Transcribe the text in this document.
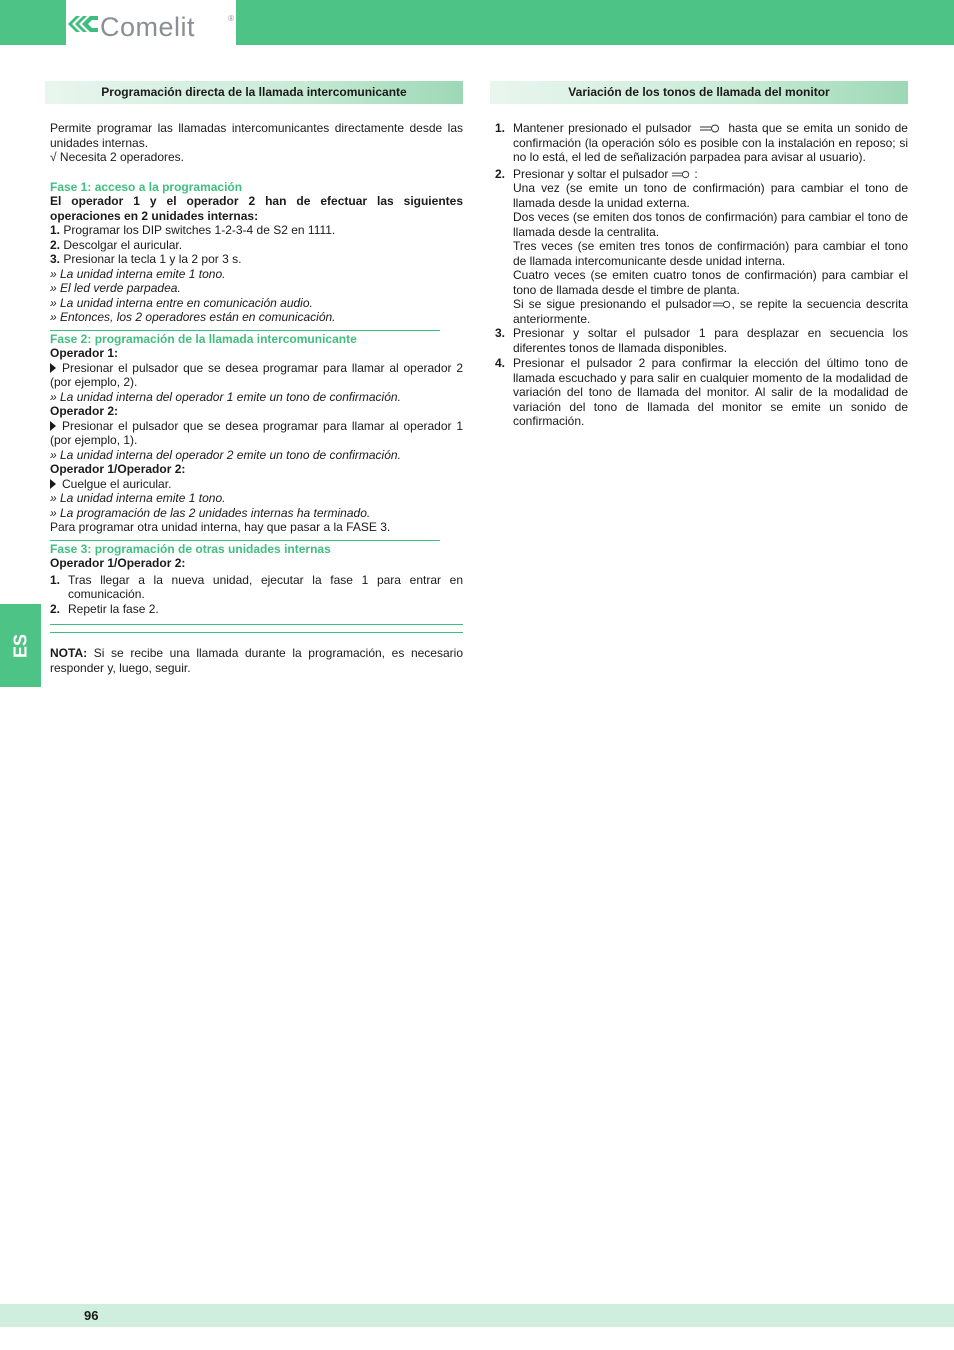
Comelit	®
Programación directa de la llamada intercomunicante	Variación de los tonos de llamada del monitor

Permite programar las llamadas intercomunicantes directamente desde las unidades internas.

√ Necesita 2 operadores.

Fase 1: acceso a la programación

El operador 1 y el operador 2 han de efectuar las siguientes operaciones en 2 unidades internas:

1. Programar los DIP switches 1-2-3-4 de S2 en 1111.

2. Descolgar el auricular.

3. Presionar la tecla 1 y la 2 por 3 s.

» La unidad interna emite 1 tono.

» El led verde parpadea.

» La unidad interna entre en comunicación audio.

» Entonces, los 2 operadores están en comunicación.

Fase 2: programación de la llamada intercomunicante

Operador 1:

Presionar el pulsador que se desea programar para llamar al operador 2 (por ejemplo, 2).

» La unidad interna del operador 1 emite un tono de confirmación.

Operador 2:

Presionar el pulsador que se desea programar para llamar al operador 1 (por ejemplo, 1).

» La unidad interna del operador 2 emite un tono de confirmación.

Operador 1/Operador 2:

Cuelgue el auricular.

» La unidad interna emite 1 tono.

» La programación de las 2 unidades internas ha terminado.

Para programar otra unidad interna, hay que pasar a la FASE 3.

Fase 3: programación de otras unidades internas

Operador 1/Operador 2:

1. Tras llegar a la nueva unidad, ejecutar la fase 1 para entrar en comunicación.
2. Repetir la fase 2.

NOTA: Si se recibe una llamada durante la programación, es necesario responder y, luego, seguir.

1. Mantener presionado el pulsador	hasta que se emita un sonido de confirmación (la operación sólo es posible con la instalación en reposo; si no lo está, el led de señalización parpadea para avisar al usuario).
2. Presionar y soltar el pulsador :
Una vez (se emite un tono de confirmación) para cambiar el tono de llamada desde la unidad externa.
Dos veces (se emiten dos tonos de confirmación) para cambiar el tono de llamada desde la centralita.
Tres veces (se emiten tres tonos de confirmación) para cambiar el tono de llamada intercomunicante desde unidad interna.
Cuatro veces (se emiten cuatro tonos de confirmación) para cambiar el tono de llamada desde el timbre de planta.
Si se sigue presionando el pulsador , se repite la secuencia descrita anteriormente.
3. Presionar y soltar el pulsador 1 para desplazar en secuencia los diferentes tonos de llamada disponibles.
4. Presionar el pulsador 2 para confirmar la elección del último tono de llamada escuchado y para salir en cualquier momento de la modalidad de variación del tono de llamada del monitor. Al salir de la modalidad de variación del tono de llamada del monitor se emite un sonido de confirmación.
ES
96
